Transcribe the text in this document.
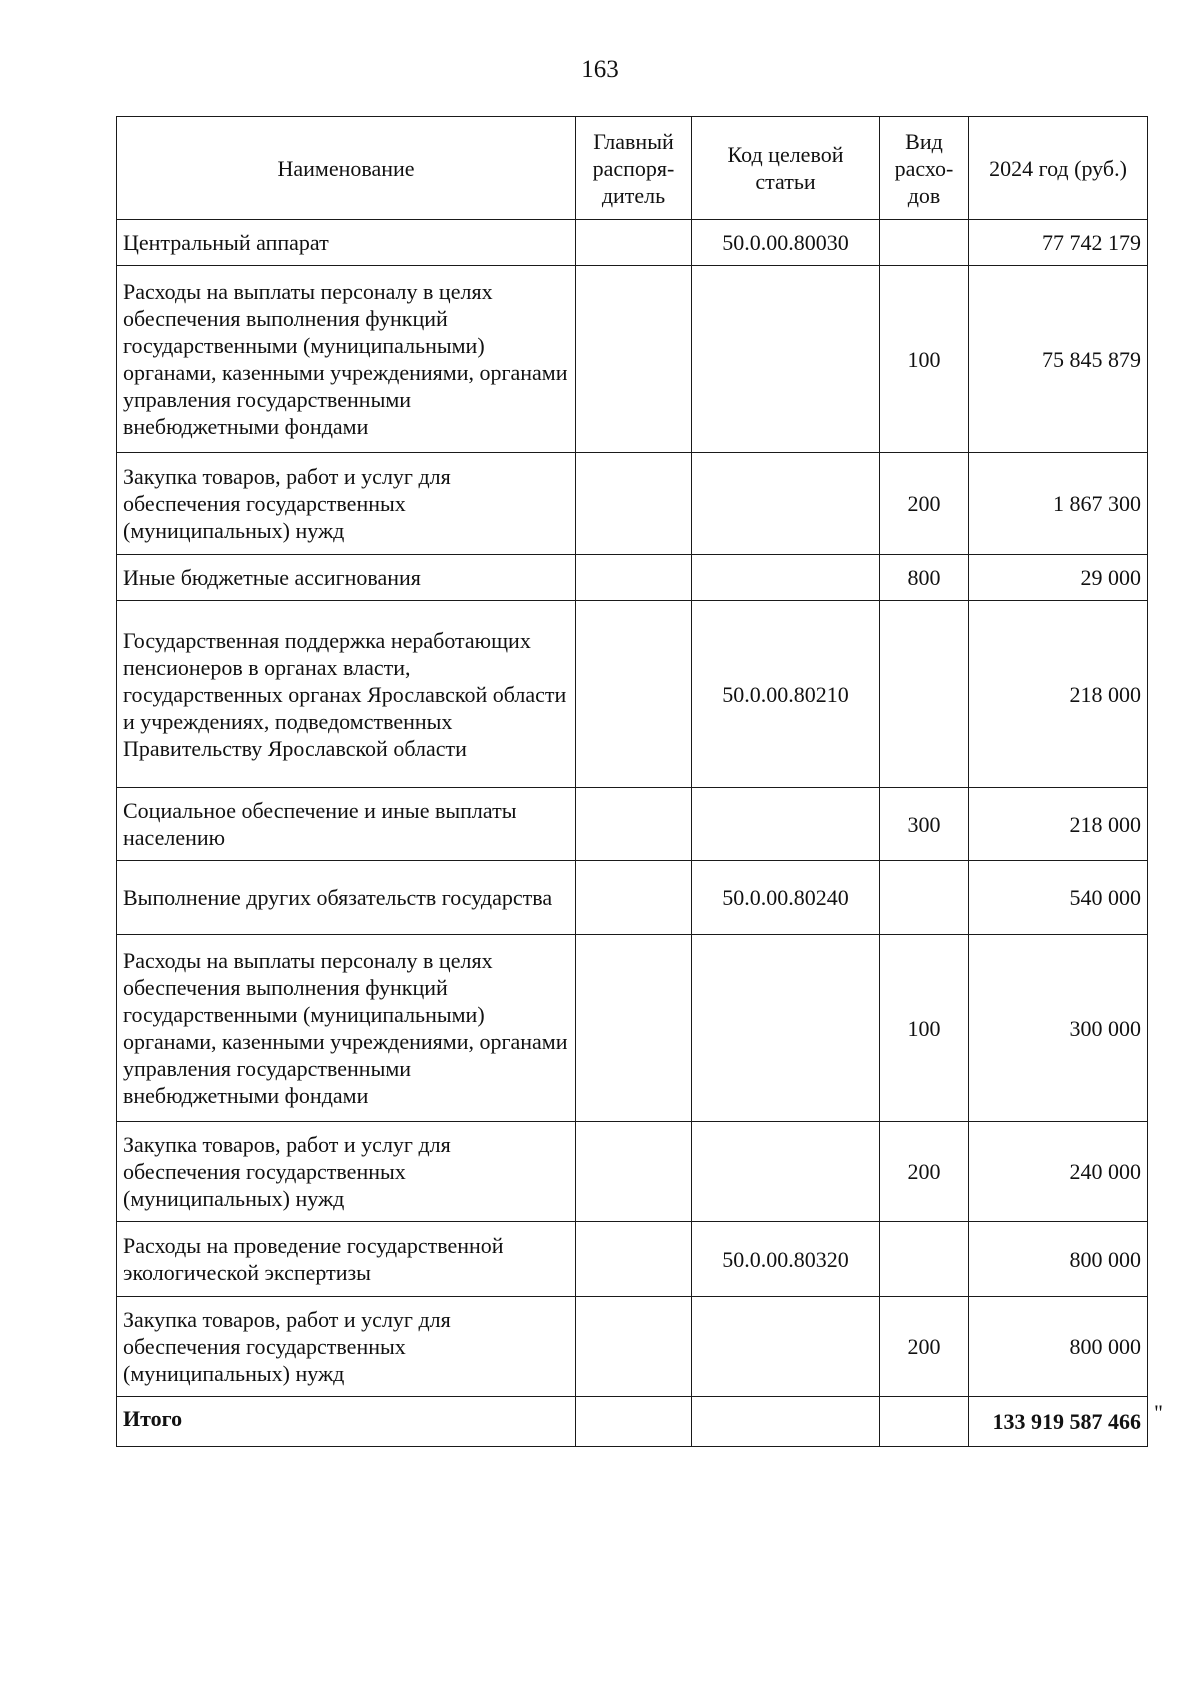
163
Наименование	Главный распоря-дитель	Код целевой статьи	Вид расхо-дов	2024 год (руб.)
Центральный аппарат		50.0.00.80030		77 742 179
Расходы на выплаты персоналу в целях обеспечения выполнения функций государственными (муниципальными) органами, казенными учреждениями, органами управления государственными внебюджетными фондами			100	75 845 879
Закупка товаров, работ и услуг для обеспечения государственных (муниципальных) нужд			200	1 867 300
Иные бюджетные ассигнования			800	29 000
Государственная поддержка неработающих пенсионеров в органах власти, государственных органах Ярославской области и учреждениях, подведомственных Правительству Ярославской области		50.0.00.80210		218 000
Социальное обеспечение и иные выплаты населению			300	218 000
Выполнение других обязательств государства		50.0.00.80240		540 000
Расходы на выплаты персоналу в целях обеспечения выполнения функций государственными (муниципальными) органами, казенными учреждениями, органами управления государственными внебюджетными фондами			100	300 000
Закупка товаров, работ и услуг для обеспечения государственных (муниципальных) нужд			200	240 000
Расходы на проведение государственной экологической экспертизы		50.0.00.80320		800 000
Закупка товаров, работ и услуг для обеспечения государственных (муниципальных) нужд			200	800 000
Итого				133 919 587 466 "
